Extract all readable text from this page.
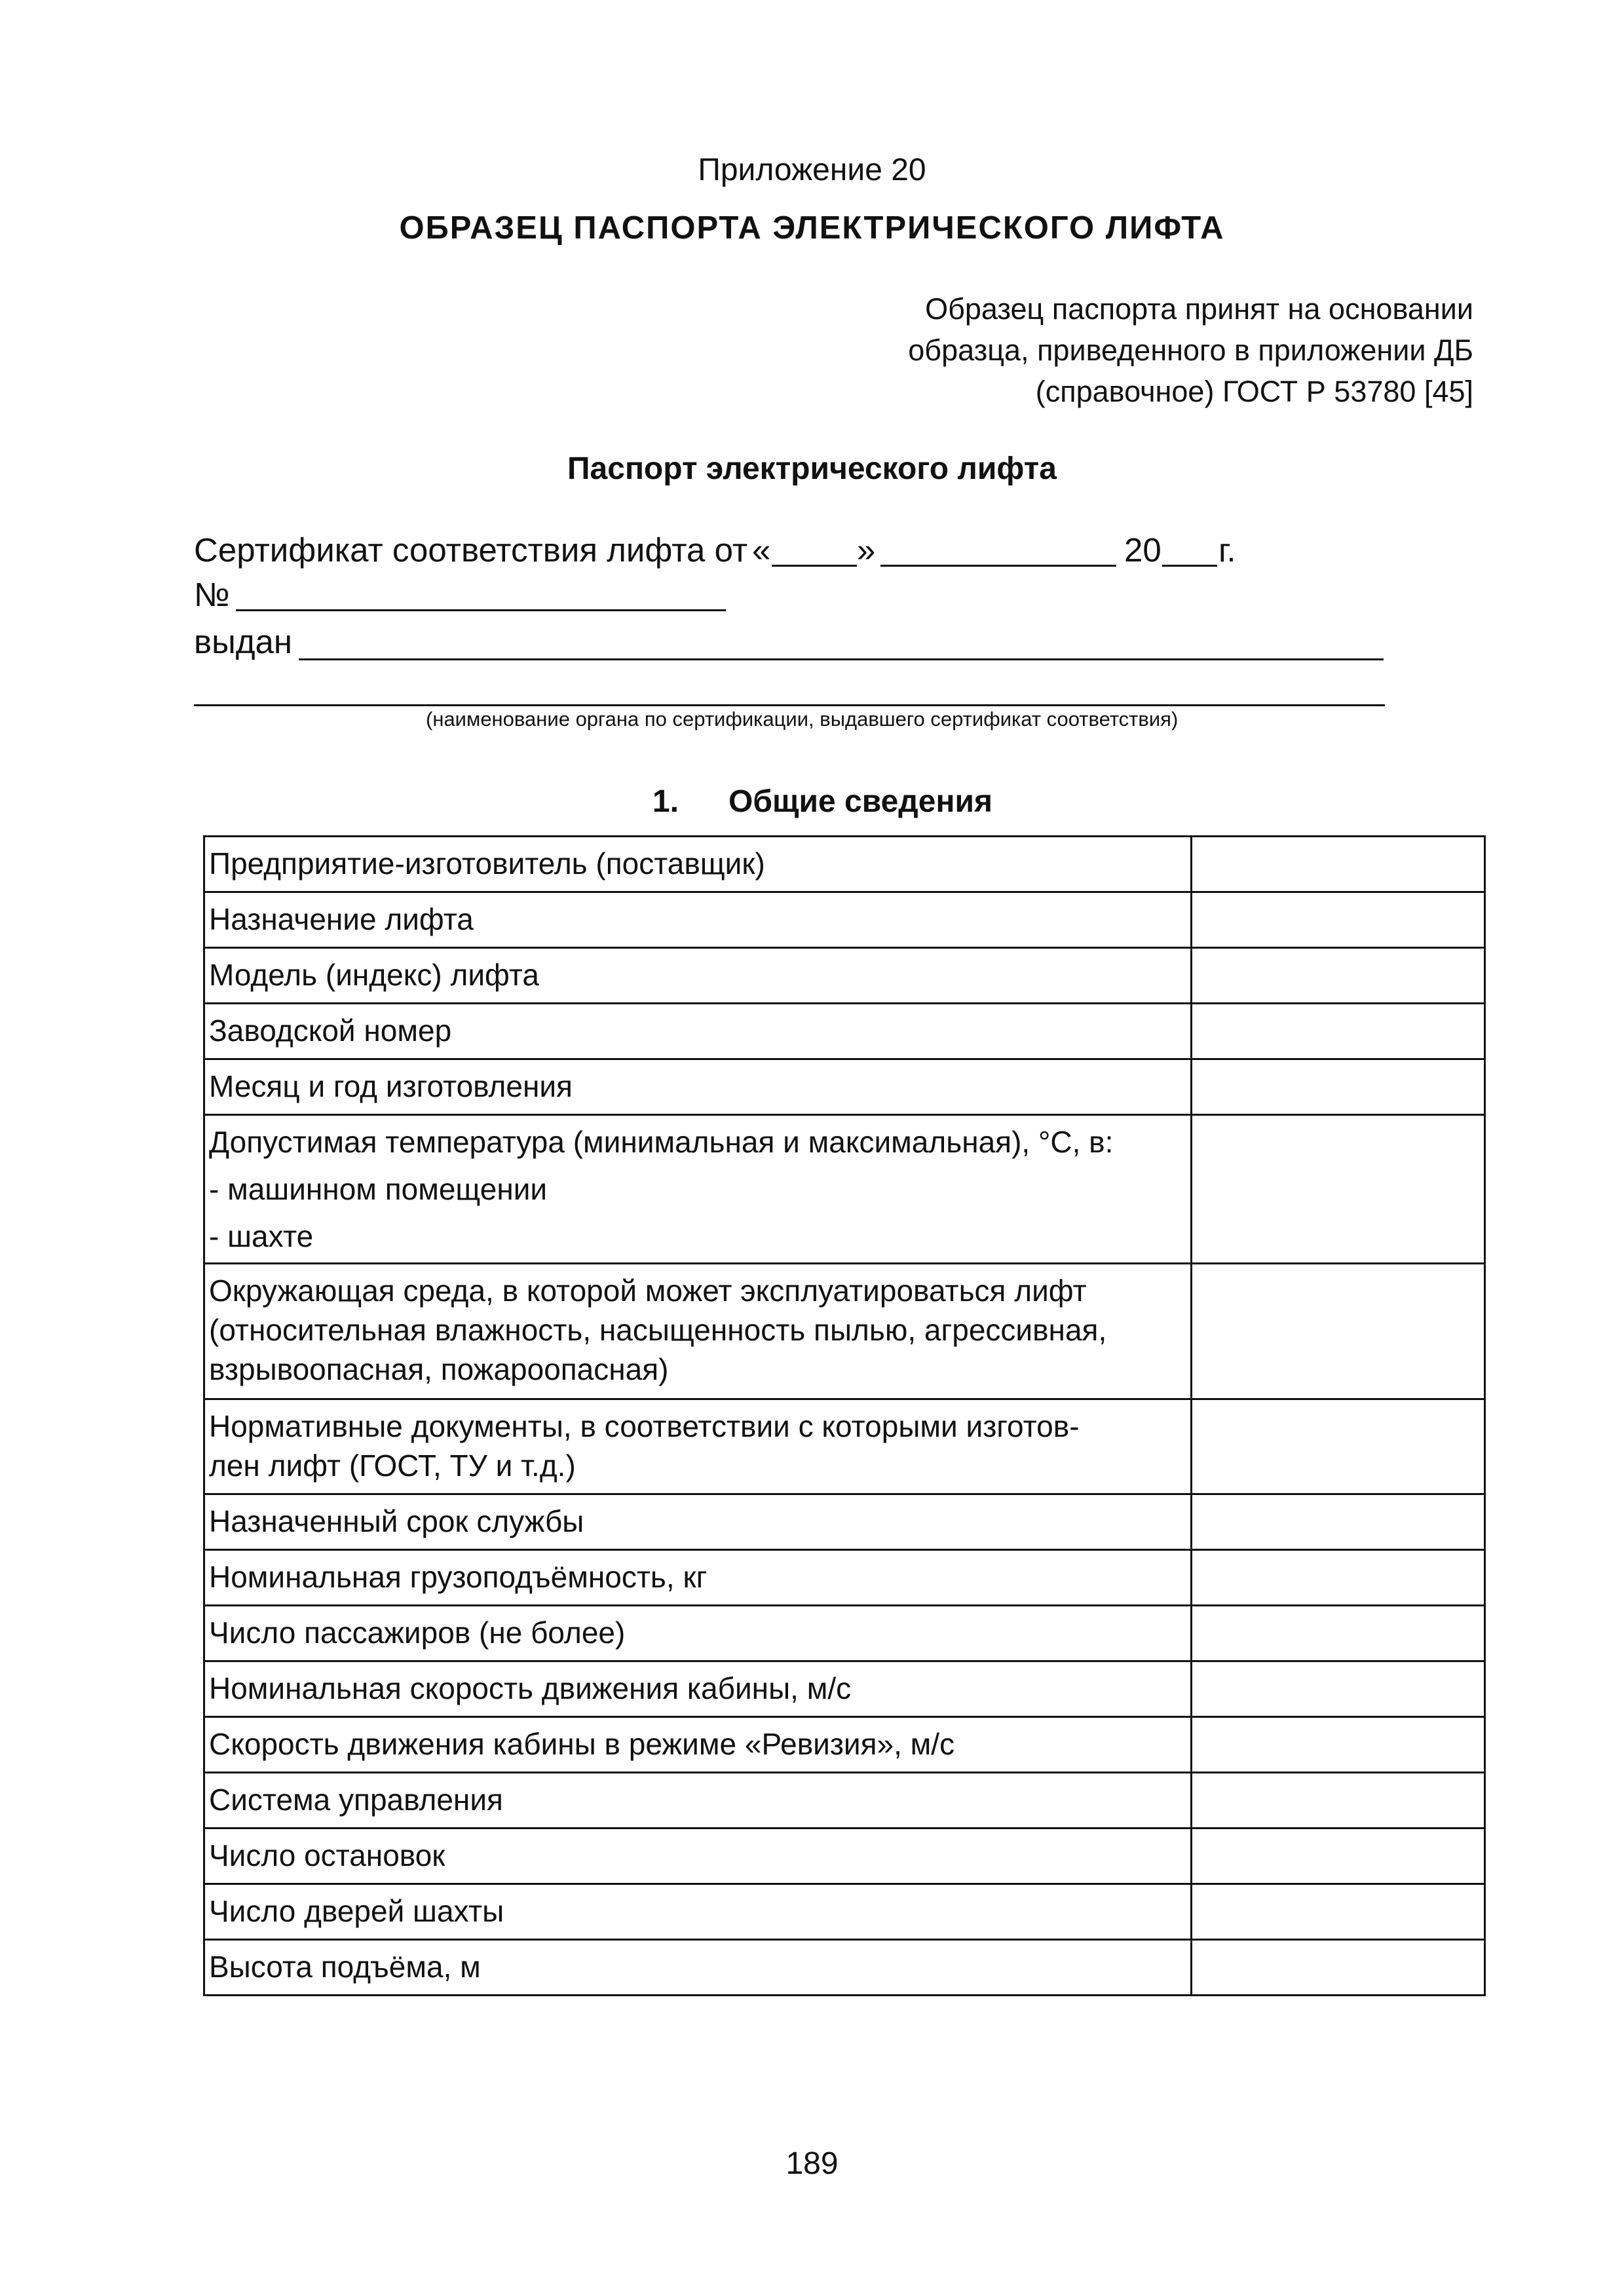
Приложение 20
ОБРАЗЕЦ ПАСПОРТА ЭЛЕКТРИЧЕСКОГО ЛИФТА
Образец паспорта принят на основании
образца, приведенного в приложении ДБ
(справочное) ГОСТ Р 53780 [45]
Паспорт электрического лифта
Сертификат соответствия лифта от «	»	20 г.
№
выдан
(наименование органа по сертификации, выдавшего сертификат соответствия)
1. Общие сведения
Предприятие-изготовитель (поставщик)	

Назначение лифта	

Модель (индекс) лифта	

Заводской номер	

Месяц и год изготовления	

Допустимая температура (минимальная и максимальная), °С, в:
- машинном помещении
- шахте	

Окружающая среда, в которой может эксплуатироваться лифт
(относительная влажность, насыщенность пылью, агрессивная,
взрывоопасная, пожароопасная)	

Нормативные документы, в соответствии с которыми изготов-
лен лифт (ГОСТ, ТУ и т.д.)	

Назначенный срок службы	

Номинальная грузоподъёмность, кг	

Число пассажиров (не более)	

Номинальная скорость движения кабины, м/с	

Скорость движения кабины в режиме «Ревизия», м/с	

Система управления	

Число остановок	

Число дверей шахты	

Высота подъёма, м	

189
